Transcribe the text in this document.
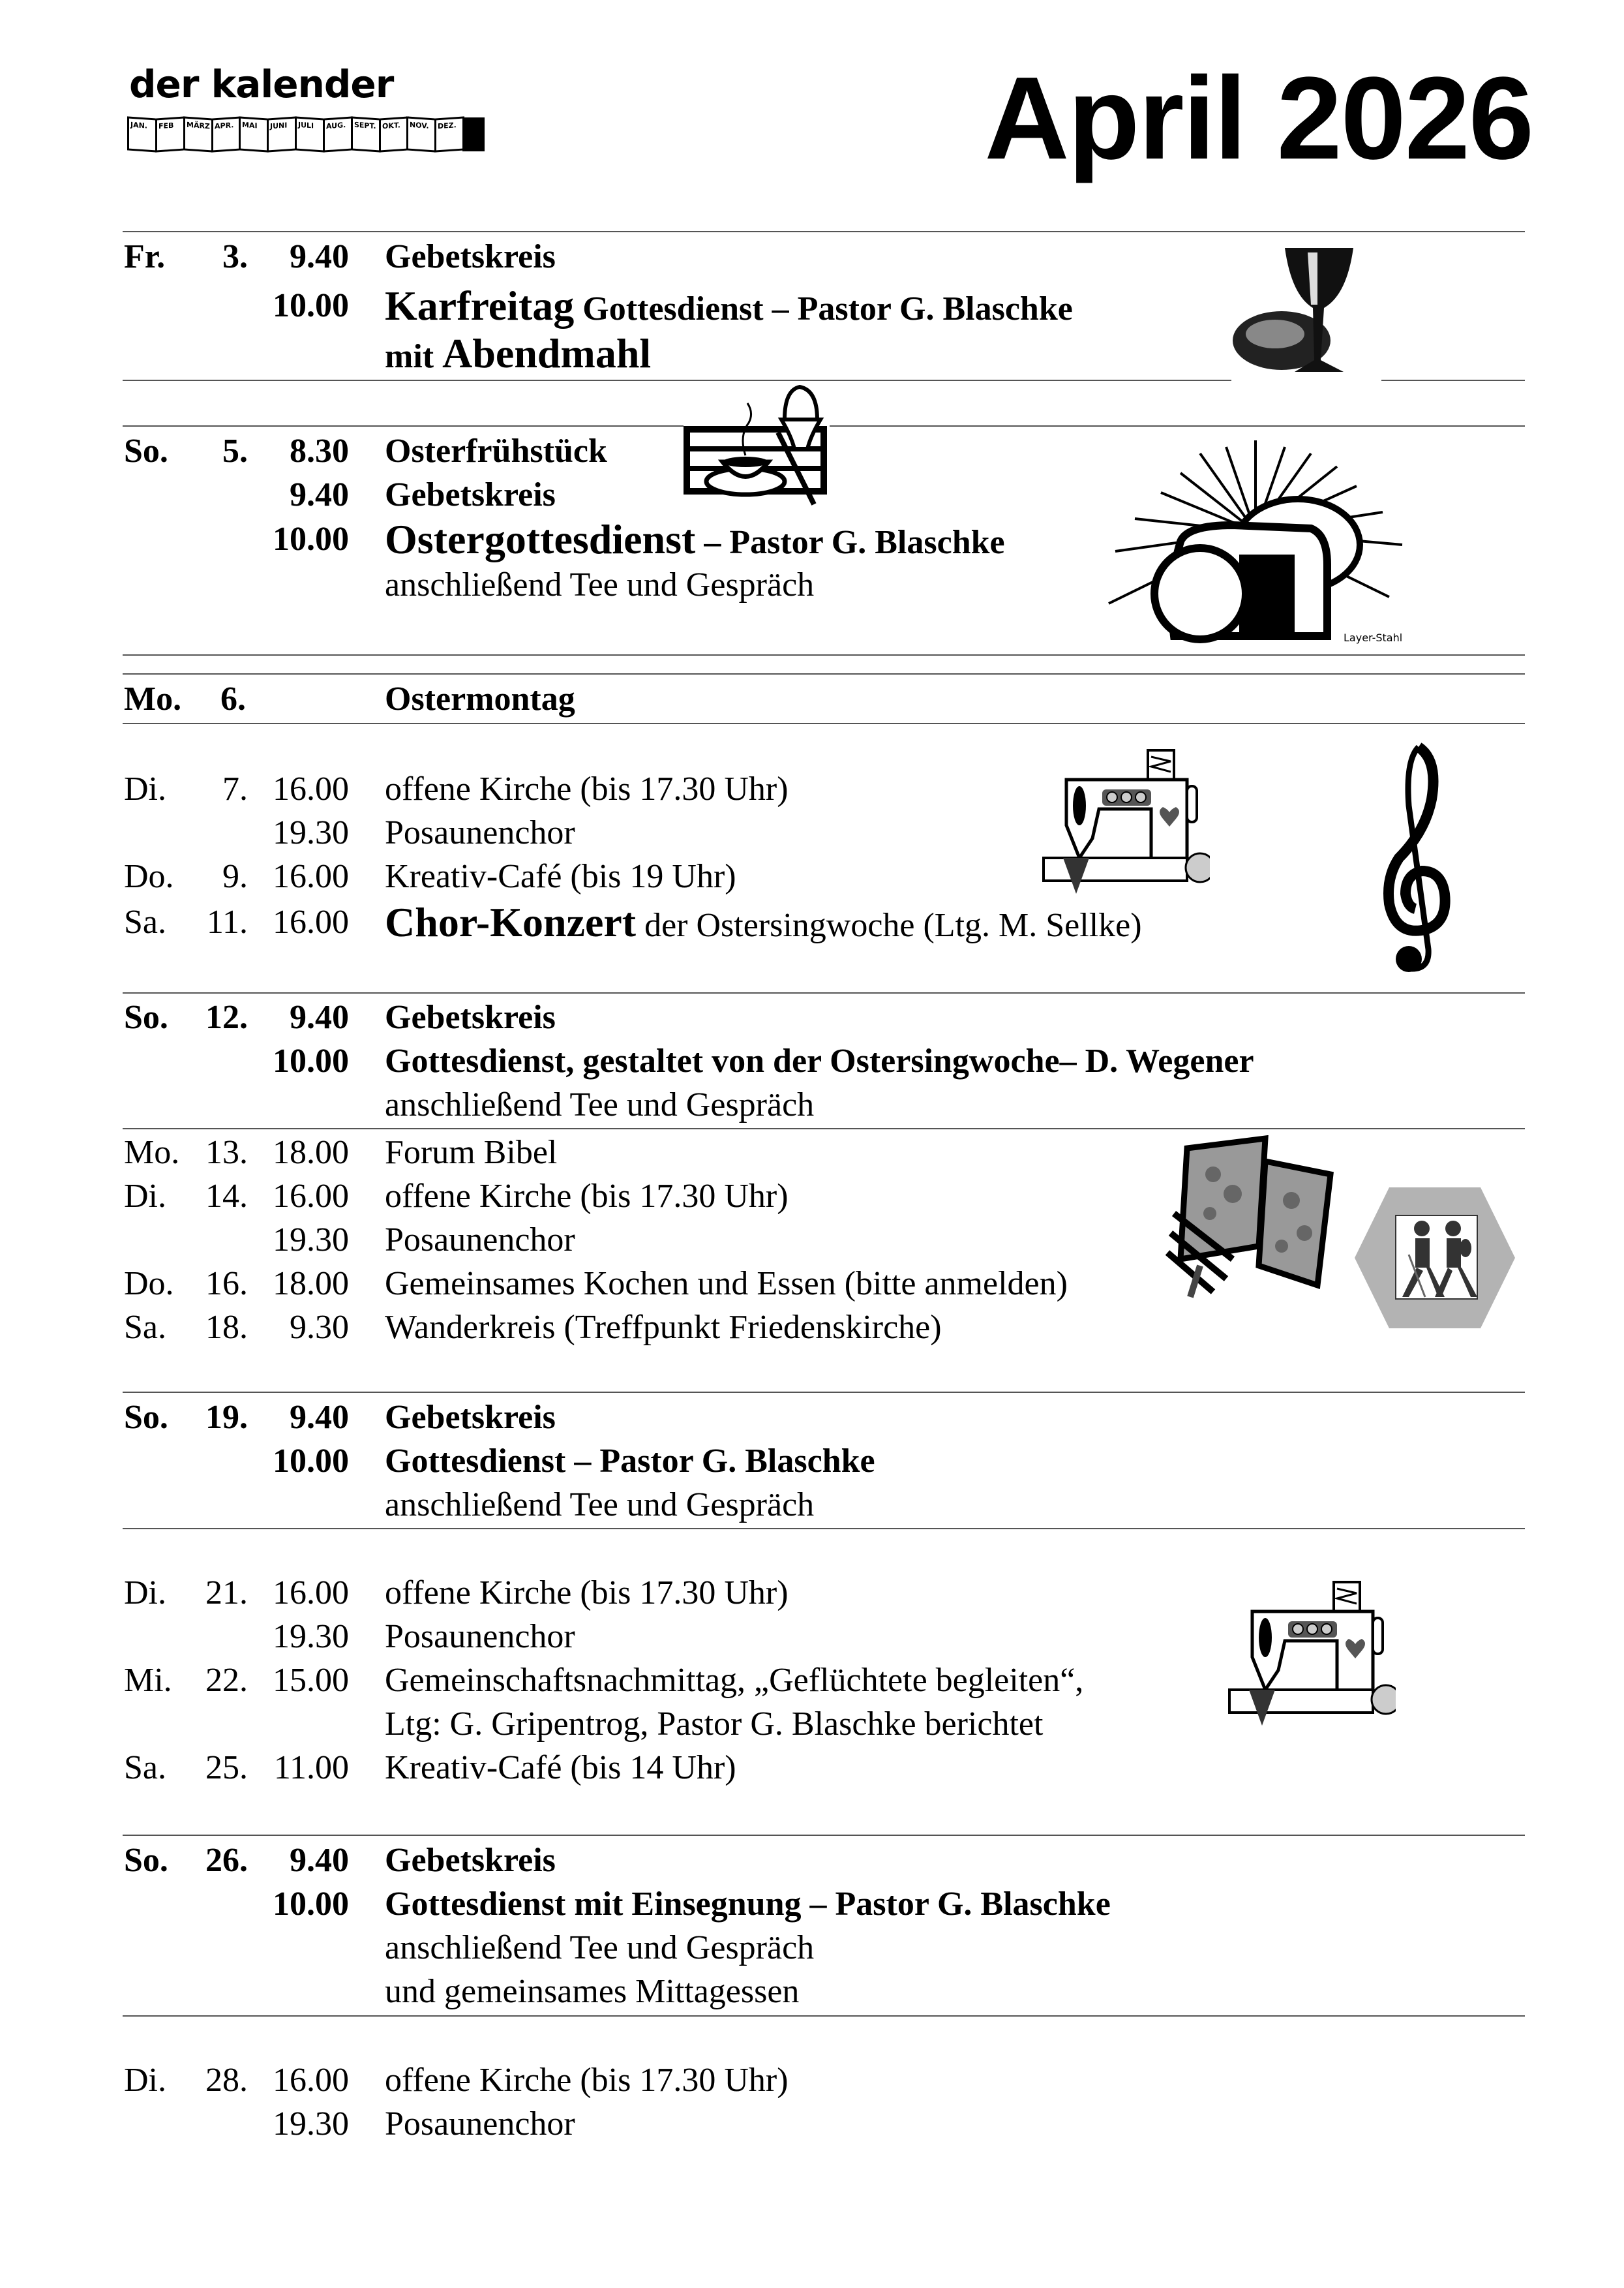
der kalender
JAN.	FEB	MÄRZ APR.	MAI	JUNI	JULI	AUG.	SEPT. OKT.	NOV.	DEZ.	April 2026
Fr.	3.	9.40 Gebetskreis
10.00 Karfreitag Gottesdienst – Pastor G. Blaschke
mit Abendmahl
So.	5.	8.30 Osterfrühstück
9.40 Gebetskreis
10.00 Ostergottesdienst – Pastor G. Blaschke
anschließend Tee und Gespräch
Layer-Stahl
Mo. 6.	Ostermontag
Di.	7. 16.00 offene Kirche (bis 17.30 Uhr)
19.30 Posaunenchor
Do.	9. 16.00 Kreativ-Café (bis 19 Uhr)
Sa.	11. 16.00 Chor-Konzert der Ostersingwoche (Ltg. M. Sellke)
So.	12.	9.40 Gebetskreis
10.00 Gottesdienst, gestaltet von der Ostersingwoche– D. Wegener
anschließend Tee und Gespräch
Mo. 13. 18.00 Forum Bibel
Di.	14. 16.00 offene Kirche (bis 17.30 Uhr)
19.30 Posaunenchor
Do. 16. 18.00 Gemeinsames Kochen und Essen (bitte anmelden)
Sa.	18.	9.30 Wanderkreis (Treffpunkt Friedenskirche)
So.	19.	9.40 Gebetskreis
10.00 Gottesdienst – Pastor G. Blaschke
anschließend Tee und Gespräch
Di.	21. 16.00 offene Kirche (bis 17.30 Uhr)
19.30 Posaunenchor
Mi. 22. 15.00 Gemeinschaftsnachmittag, „Geflüchtete begleiten“,
Ltg: G. Gripentrog, Pastor G. Blaschke berichtet
Sa.	25. 11.00 Kreativ-Café (bis 14 Uhr)
So.	26.	9.40 Gebetskreis
10.00 Gottesdienst mit Einsegnung – Pastor G. Blaschke
anschließend Tee und Gespräch
und gemeinsames Mittagessen
Di.	28. 16.00 offene Kirche (bis 17.30 Uhr)
19.30 Posaunenchor
